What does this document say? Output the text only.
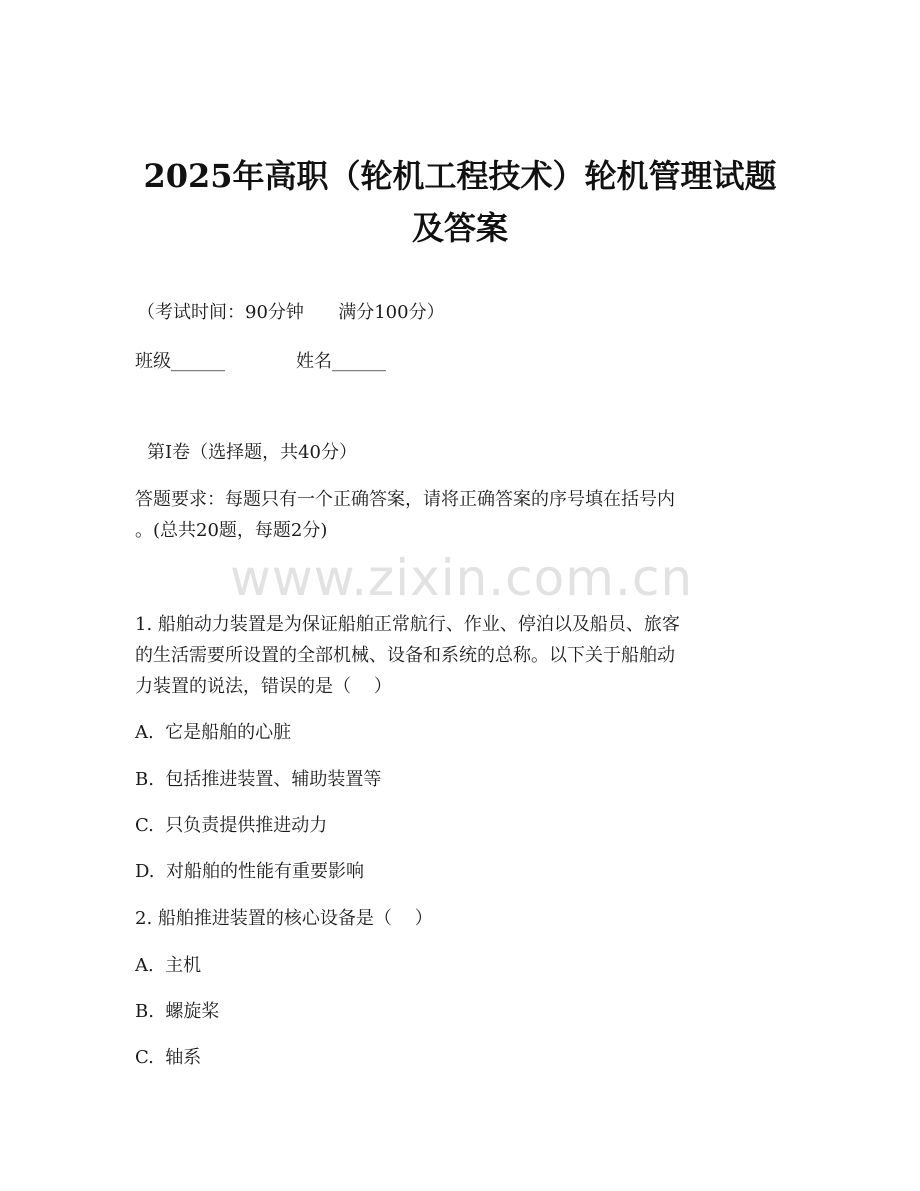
2025年高职（轮机工程技术）轮机管理试题
及答案

（考试时间：90分钟      满分100分）

班级______	姓名______

第Ⅰ卷（选择题，共40分）

答题要求：每题只有一个正确答案，请将正确答案的序号填在括号内

。(总共20题，每题2分)

www.zixin.com.cn

1. 船舶动力装置是为保证船舶正常航行、作业、停泊以及船员、旅客

的生活需要所设置的全部机械、设备和系统的总称。以下关于船舶动

力装置的说法，错误的是（    ）

A.  它是船舶的心脏

B.  包括推进装置、辅助装置等

C.  只负责提供推进动力

D.  对船舶的性能有重要影响

2. 船舶推进装置的核心设备是（    ）

A.  主机

B.  螺旋桨

C.  轴系
